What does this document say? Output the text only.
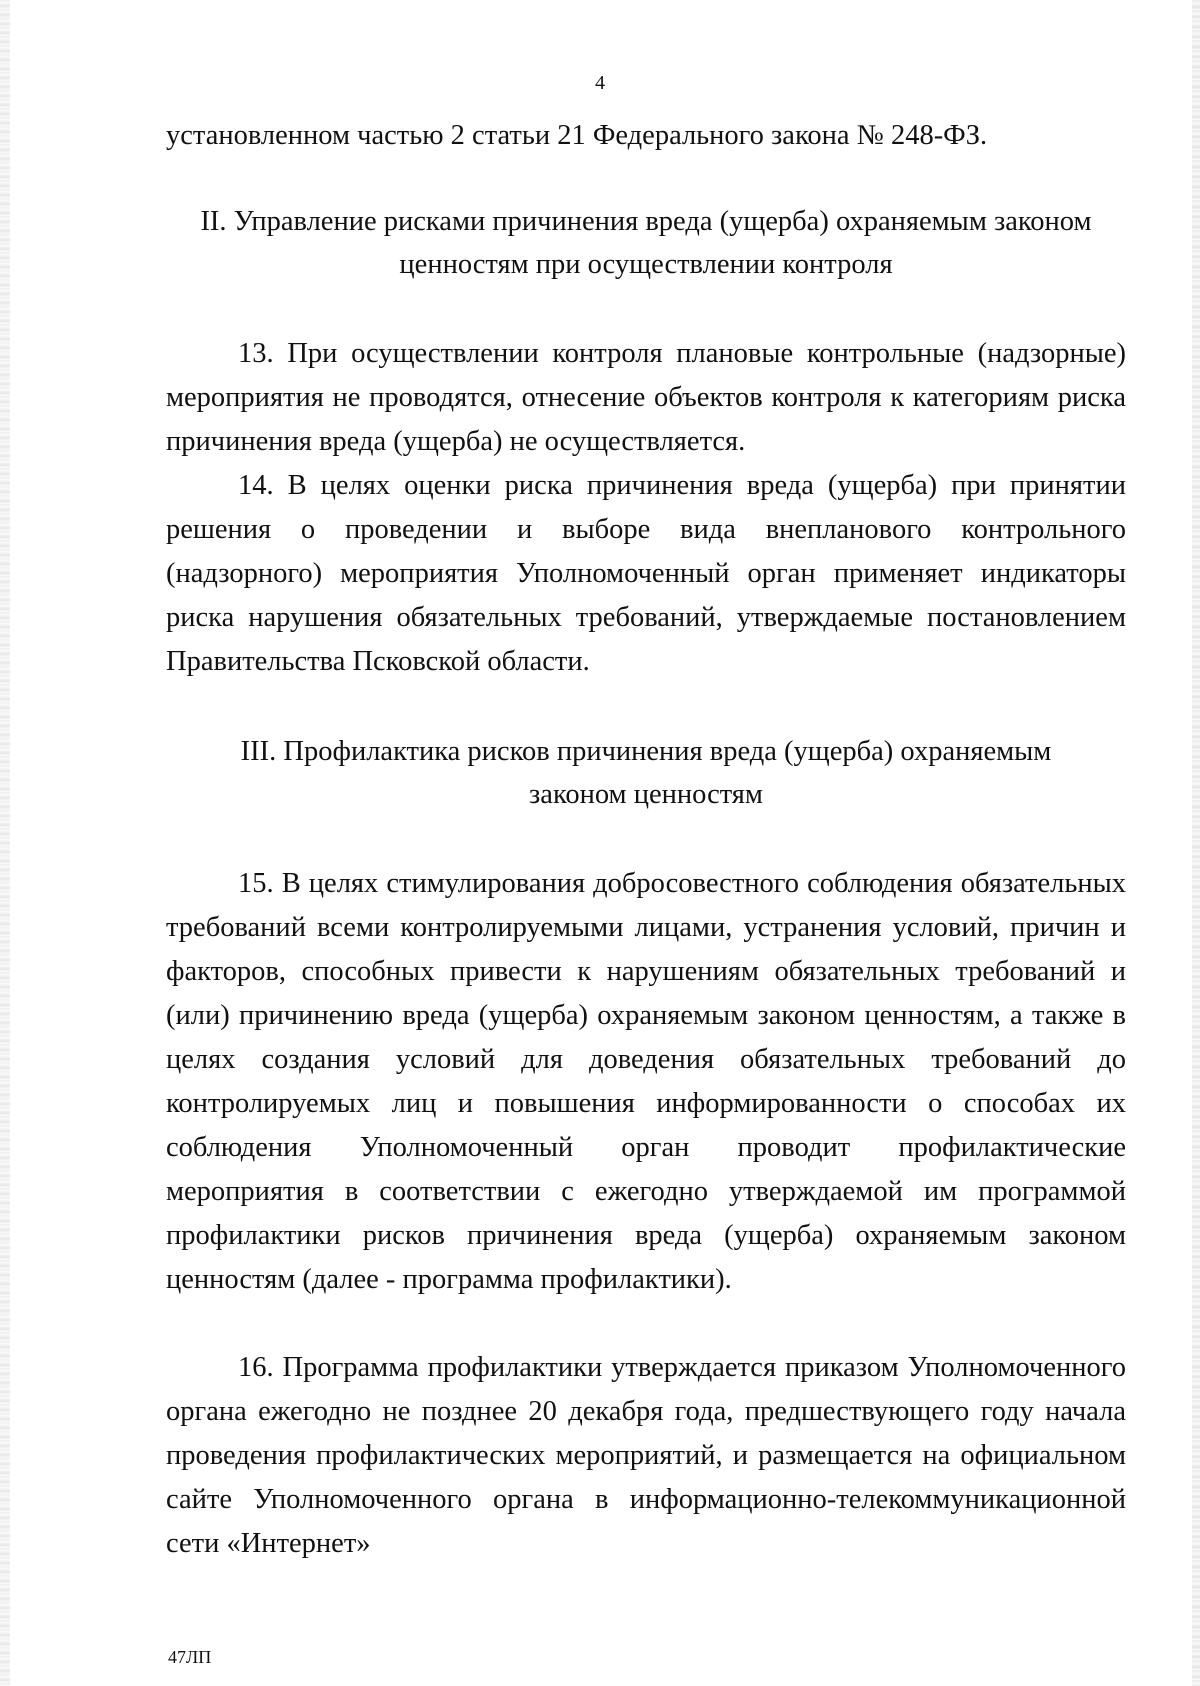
4
установленном частью 2 статьи 21 Федерального закона № 248-ФЗ.
II. Управление рисками причинения вреда (ущерба) охраняемым законом
ценностям при осуществлении контроля
13. При осуществлении контроля плановые контрольные (надзорные) мероприятия не проводятся, отнесение объектов контроля к категориям риска причинения вреда (ущерба) не осуществляется.
14. В целях оценки риска причинения вреда (ущерба) при принятии решения о проведении и выборе вида внепланового контрольного (надзорного) мероприятия Уполномоченный орган применяет индикаторы риска нарушения обязательных требований, утверждаемые постановлением Правительства Псковской области.
III. Профилактика рисков причинения вреда (ущерба) охраняемым
законом ценностям
15. В целях стимулирования добросовестного соблюдения обязательных требований всеми контролируемыми лицами, устранения условий, причин и факторов, способных привести к нарушениям обязательных требований и (или) причинению вреда (ущерба) охраняемым законом ценностям, а также в целях создания условий для доведения обязательных требований до контролируемых лиц и повышения информированности о способах их соблюдения Уполномоченный орган проводит профилактические мероприятия в соответствии с ежегодно утверждаемой им программой профилактики рисков причинения вреда (ущерба) охраняемым законом ценностям (далее - программа профилактики).
16. Программа профилактики утверждается приказом Уполномоченного органа ежегодно не позднее 20 декабря года, предшествующего году начала проведения профилактических мероприятий, и размещается на официальном сайте Уполномоченного органа в информационно-телекоммуникационной сети «Интернет»
47ЛП
